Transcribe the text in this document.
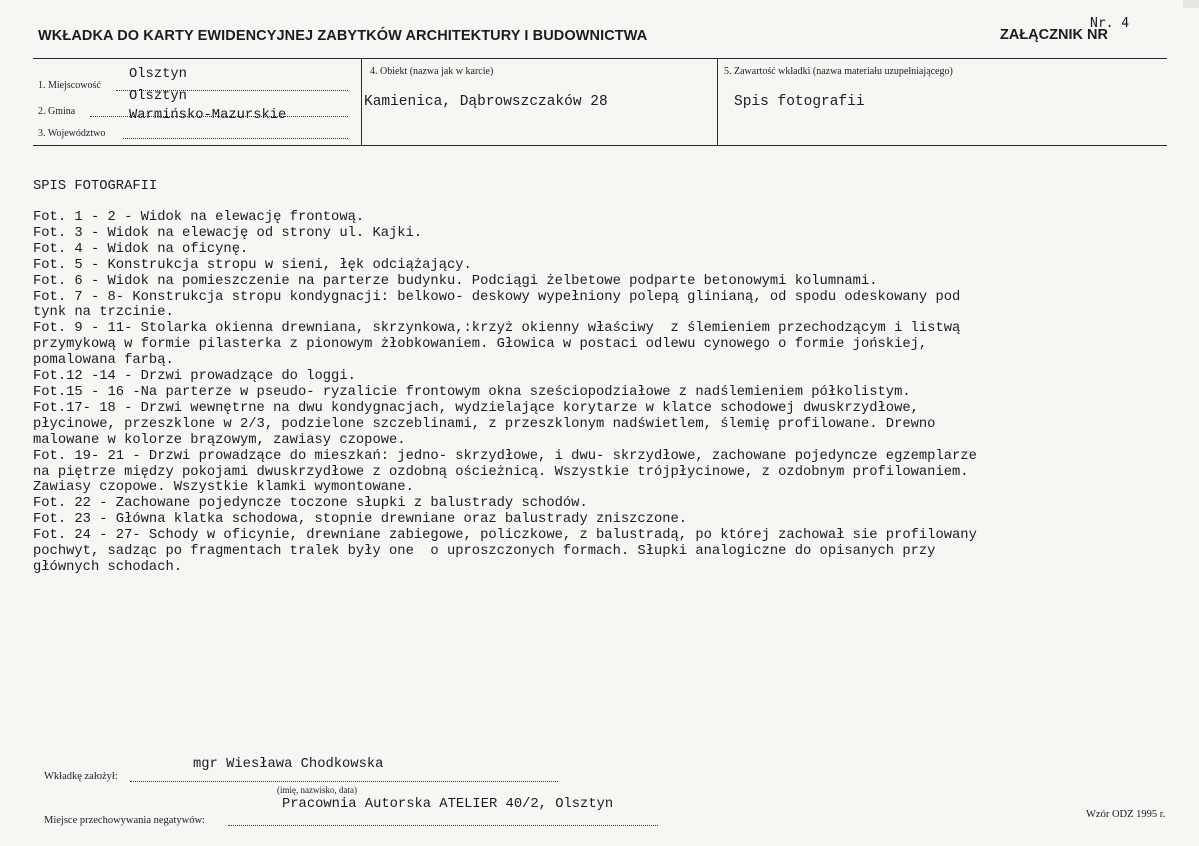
WKŁADKA DO KARTY EWIDENCYJNEJ ZABYTKÓW ARCHITEKTURY I BUDOWNICTWA	ZAŁĄCZNIK NR
Nr. 4
1. Miejscowość
Olsztyn
2. Gmina
Olsztyn
3. Województwo
Warmińsko-Mazurskie
4. Obiekt (nazwa jak w karcie)
Kamienica, Dąbrowszczaków 28
5. Zawartość wkładki (nazwa materiału uzupełniającego)
Spis fotografii
SPIS FOTOGRAFII
Fot. 1 - 2 - Widok na elewację frontową.
Fot. 3 - Widok na elewację od strony ul. Kajki.
Fot. 4 - Widok na oficynę.
Fot. 5 - Konstrukcja stropu w sieni, łęk odciążający.
Fot. 6 - Widok na pomieszczenie na parterze budynku. Podciągi żelbetowe podparte betonowymi kolumnami.
Fot. 7 - 8- Konstrukcja stropu kondygnacji: belkowo- deskowy wypełniony polepą glinianą, od spodu odeskowany pod
tynk na trzcinie.
Fot. 9 - 11- Stolarka okienna drewniana, skrzynkowa,:krzyż okienny właściwy  z ślemieniem przechodzącym i listwą
przymykową w formie pilasterka z pionowym żłobkowaniem. Głowica w postaci odlewu cynowego o formie jońskiej,
pomalowana farbą.
Fot.12 -14 - Drzwi prowadzące do loggi.
Fot.15 - 16 -Na parterze w pseudo- ryzalicie frontowym okna sześciopodziałowe z nadślemieniem półkolistym.
Fot.17- 18 - Drzwi wewnętrne na dwu kondygnacjach, wydzielające korytarze w klatce schodowej dwuskrzydłowe,
płycinowe, przeszklone w 2/3, podzielone szczeblinami, z przeszklonym nadświetlem, ślemię profilowane. Drewno
malowane w kolorze brązowym, zawiasy czopowe.
Fot. 19- 21 - Drzwi prowadzące do mieszkań: jedno- skrzydłowe, i dwu- skrzydłowe, zachowane pojedyncze egzemplarze
na piętrze między pokojami dwuskrzydłowe z ozdobną ościeżnicą. Wszystkie trójpłycinowe, z ozdobnym profilowaniem.
Zawiasy czopowe. Wszystkie klamki wymontowane.
Fot. 22 - Zachowane pojedyncze toczone słupki z balustrady schodów.
Fot. 23 - Główna klatka schodowa, stopnie drewniane oraz balustrady zniszczone.
Fot. 24 - 27- Schody w oficynie, drewniane zabiegowe, policzkowe, z balustradą, po której zachował sie profilowany
pochwyt, sadząc po fragmentach tralek były one  o uproszczonych formach. Słupki analogiczne do opisanych przy
głównych schodach.
Wkładkę założył:
mgr Wiesława Chodkowska
(imię, nazwisko, data)
Miejsce przechowywania negatywów:
Pracownia Autorska ATELIER 40/2, Olsztyn
Wzór ODZ 1995 r.
